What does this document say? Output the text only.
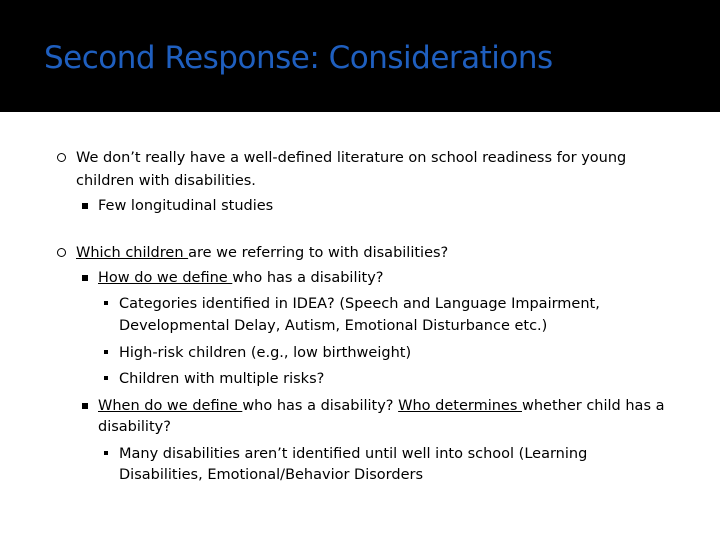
Second Response: Considerations
We don’t really have a well-defined literature on school readiness for young
children with disabilities.
Few longitudinal studies
Which children are we referring to with disabilities?
How do we define who has a disability?
Categories identified in IDEA? (Speech and Language Impairment,
Developmental Delay, Autism, Emotional Disturbance etc.)
High-risk children (e.g., low birthweight)
Children with multiple risks?
When do we define who has a disability? Who determines whether child has a
disability?
Many disabilities aren’t identified until well into school (Learning
Disabilities, Emotional/Behavior Disorders
